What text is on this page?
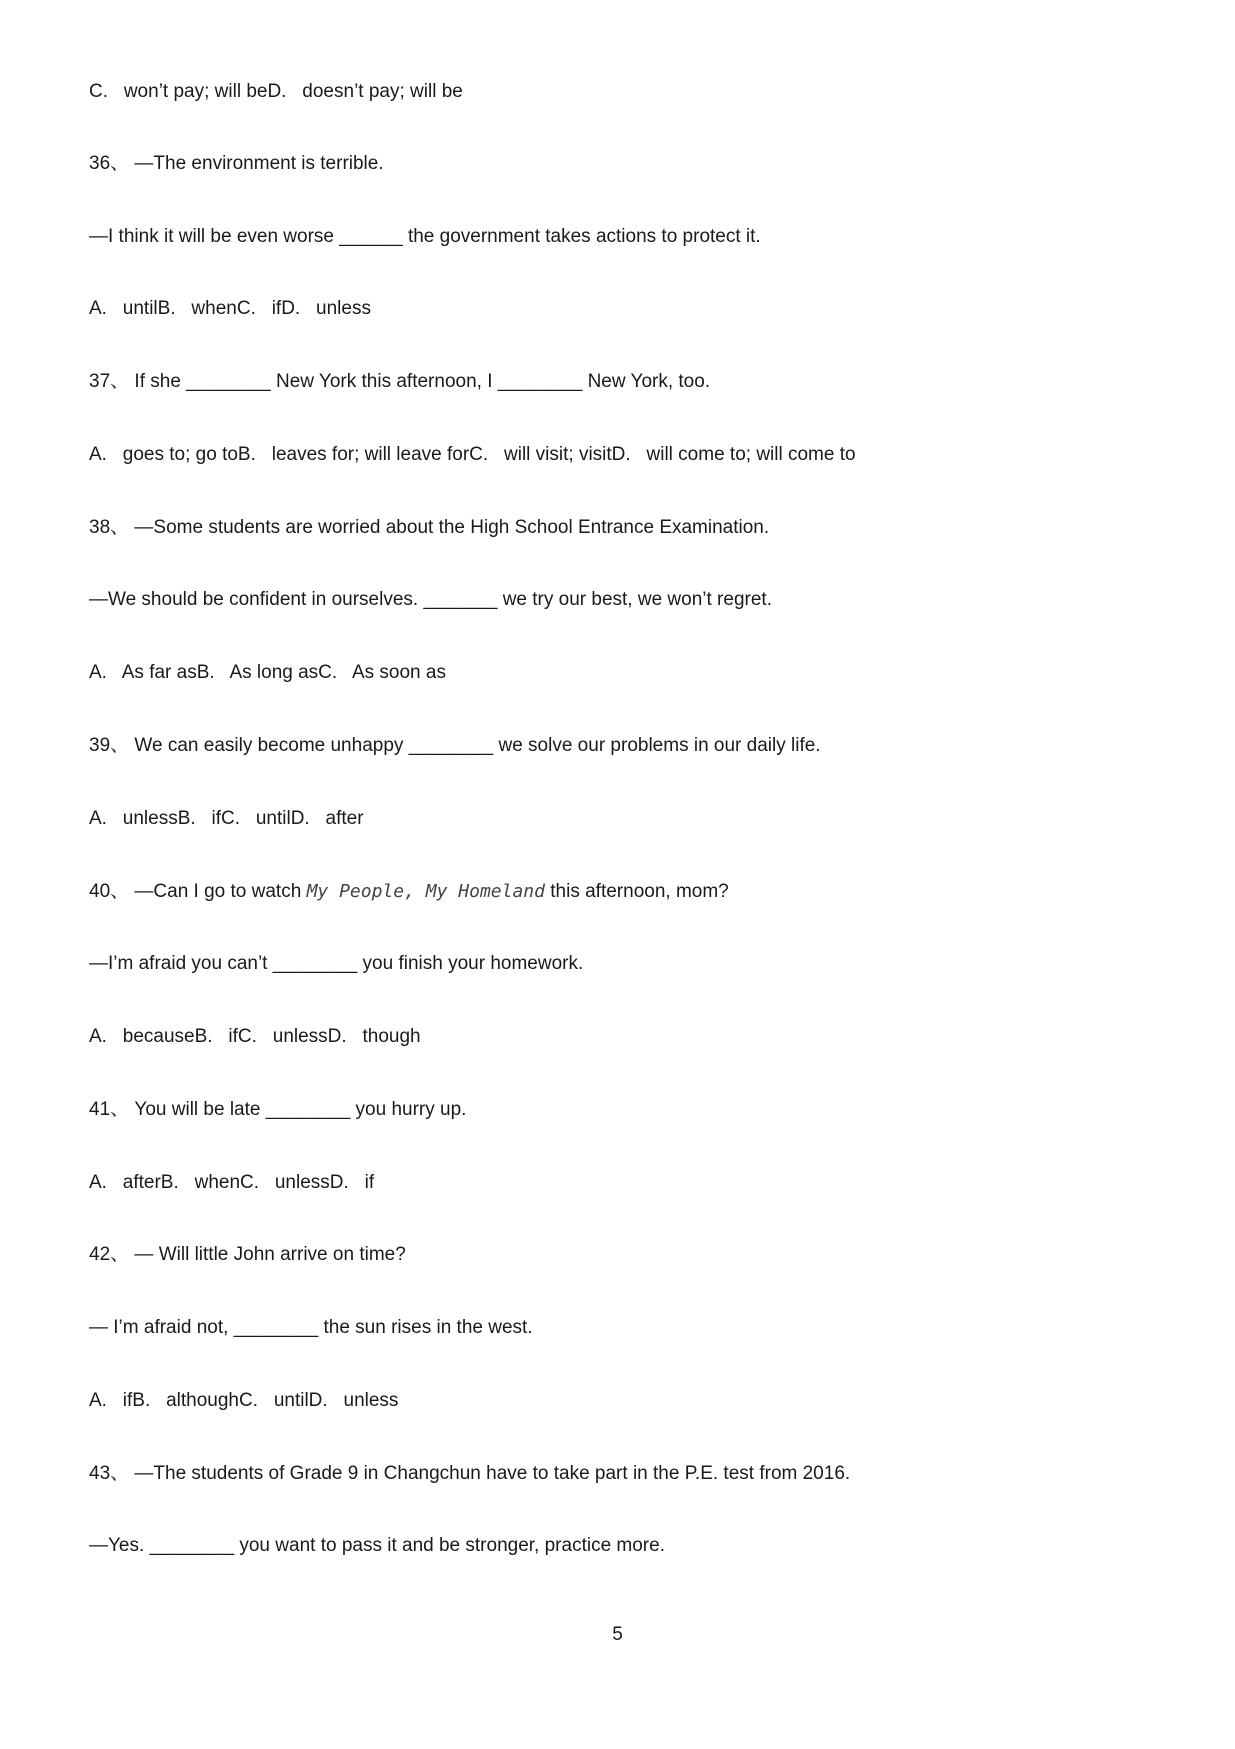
C.   won’t pay; will beD.   doesn’t pay; will be
36、 —The environment is terrible.
—I think it will be even worse ______ the government takes actions to protect it.
A.   untilB.   whenC.   ifD.   unless
37、 If she ________ New York this afternoon, I ________ New York, too.
A.   goes to; go toB.   leaves for; will leave forC.   will visit; visitD.   will come to; will come to
38、 —Some students are worried about the High School Entrance Examination.
—We should be confident in ourselves. _______ we try our best, we won’t regret.
A.   As far asB.   As long asC.   As soon as
39、 We can easily become unhappy ________ we solve our problems in our daily life.
A.   unlessB.   ifC.   untilD.   after
40、 —Can I go to watch My People, My Homeland this afternoon, mom?
—I’m afraid you can’t ________ you finish your homework.
A.   becauseB.   ifC.   unlessD.   though
41、 You will be late ________ you hurry up.
A.   afterB.   whenC.   unlessD.   if
42、 — Will little John arrive on time?
— I’m afraid not, ________ the sun rises in the west.
A.   ifB.   althoughC.   untilD.   unless
43、 —The students of Grade 9 in Changchun have to take part in the P.E. test from 2016.
—Yes. ________ you want to pass it and be stronger, practice more.
5
